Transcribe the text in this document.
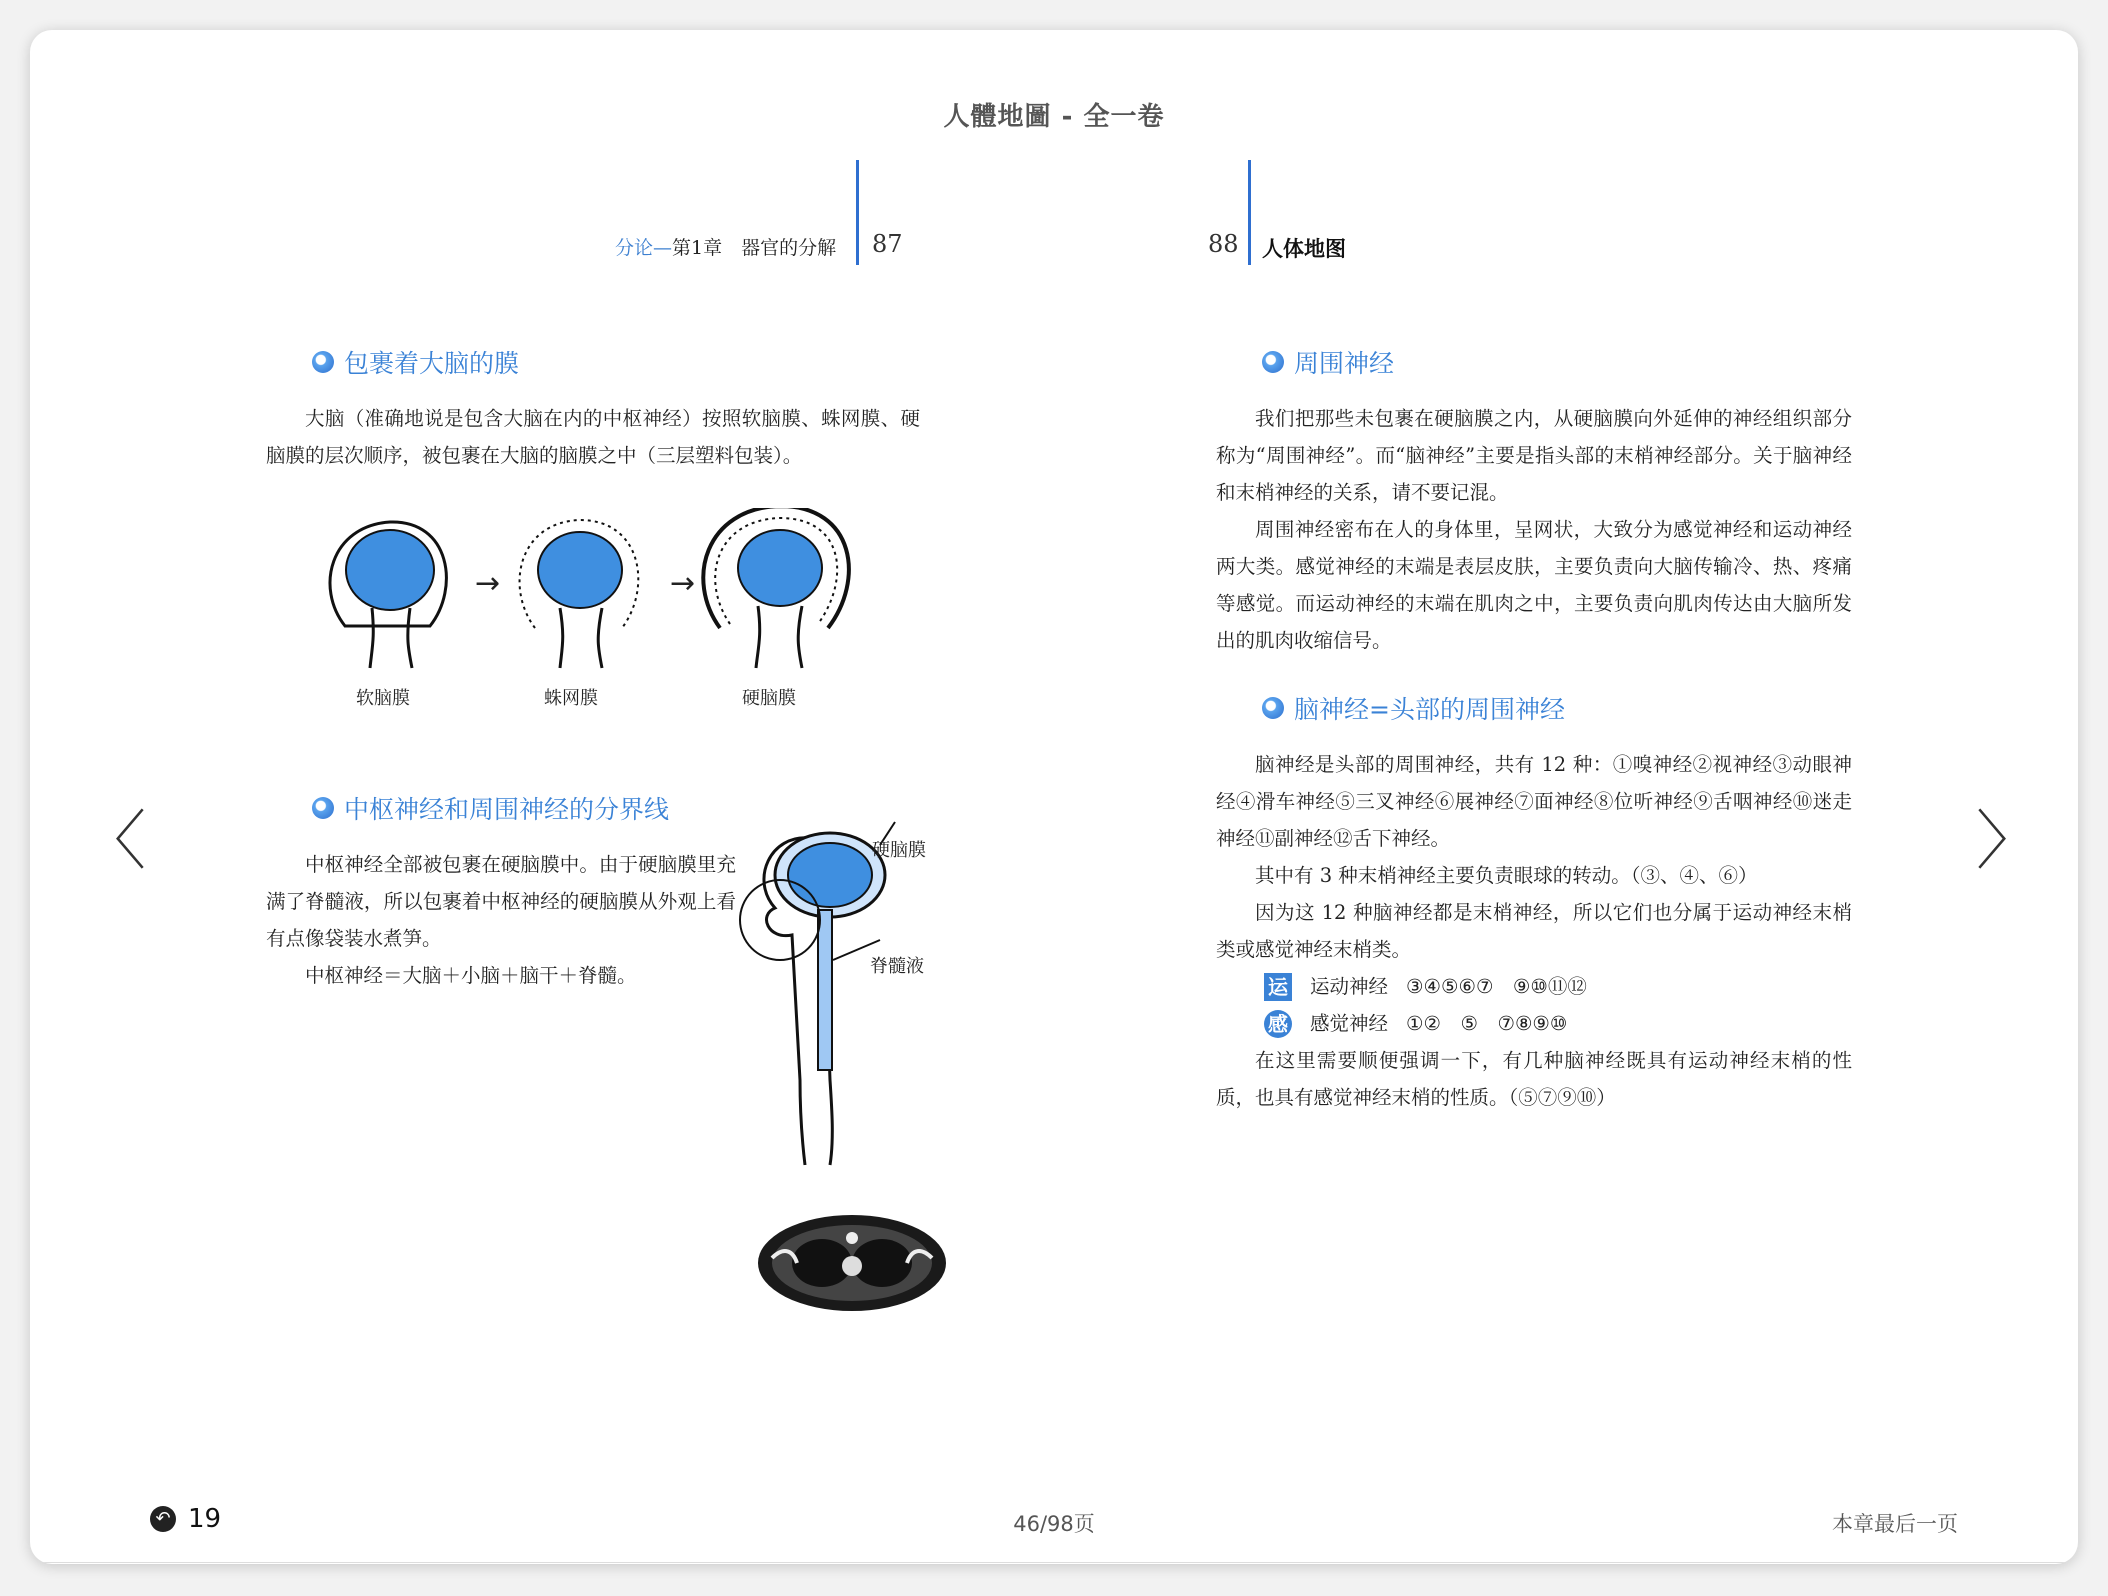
人體地圖 - 全一卷
分论—第1章　器官的分解 87
包裹着大脑的膜

大脑（准确地说是包含大脑在内的中枢神经）按照软脑膜、蛛网膜、硬脑膜的层次顺序，被包裹在大脑的脑膜之中（三层塑料包装）。

→	→
软脑膜	蛛网膜	硬脑膜
中枢神经和周围神经的分界线

中枢神经全部被包裹在硬脑膜中。由于硬脑膜里充满了脊髓液，所以包裹着中枢神经的硬脑膜从外观上看有点像袋装水煮笋。

中枢神经＝大脑＋小脑＋脑干＋脊髓。

硬脑膜
脊髓液
88 人体地图
周围神经

我们把那些未包裹在硬脑膜之内，从硬脑膜向外延伸的神经组织部分称为“周围神经”。而“脑神经”主要是指头部的末梢神经部分。关于脑神经和末梢神经的关系，请不要记混。

周围神经密布在人的身体里，呈网状，大致分为感觉神经和运动神经两大类。感觉神经的末端是表层皮肤，主要负责向大脑传输冷、热、疼痛等感觉。而运动神经的末端在肌肉之中，主要负责向肌肉传达由大脑所发出的肌肉收缩信号。

脑神经=头部的周围神经

脑神经是头部的周围神经，共有 12 种：①嗅神经②视神经③动眼神经④滑车神经⑤三叉神经⑥展神经⑦面神经⑧位听神经⑨舌咽神经⑩迷走神经⑪副神经⑫舌下神经。

其中有 3 种末梢神经主要负责眼球的转动。（③、④、⑥）

因为这 12 种脑神经都是末梢神经，所以它们也分属于运动神经末梢类或感觉神经末梢类。

运 运动神经 ③④⑤⑥⑦　⑨⑩⑪⑫
感 感觉神经 ①②　⑤　⑦⑧⑨⑩

在这里需要顺便强调一下，有几种脑神经既具有运动神经末梢的性质，也具有感觉神经末梢的性质。（⑤⑦⑨⑩）

〈	〉
↶ 19	46/98页	本章最后一页
